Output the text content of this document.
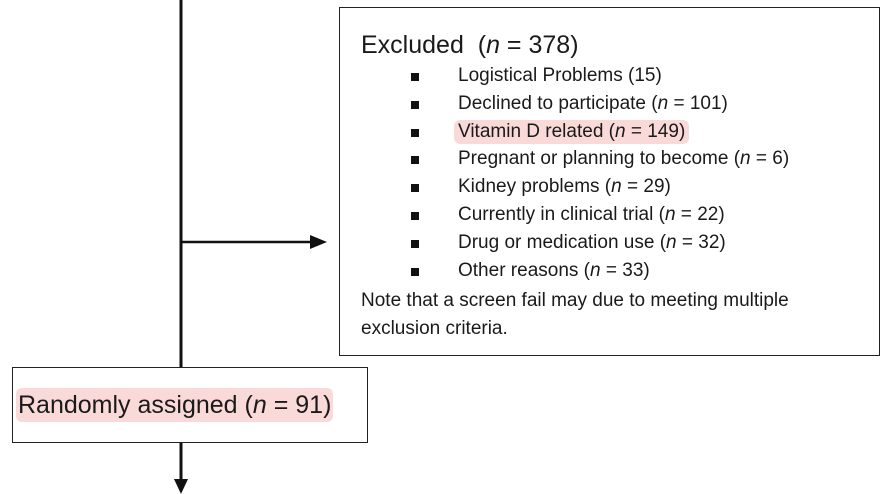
Excluded  (n = 378)
Logistical Problems (15)
Declined to participate (n = 101)
Vitamin D related (n = 149)
Pregnant or planning to become (n = 6)
Kidney problems (n = 29)
Currently in clinical trial (n = 22)
Drug or medication use (n = 32)
Other reasons (n = 33)

Note that a screen fail may due to meeting multiple exclusion criteria.

Randomly assigned (n = 91)
